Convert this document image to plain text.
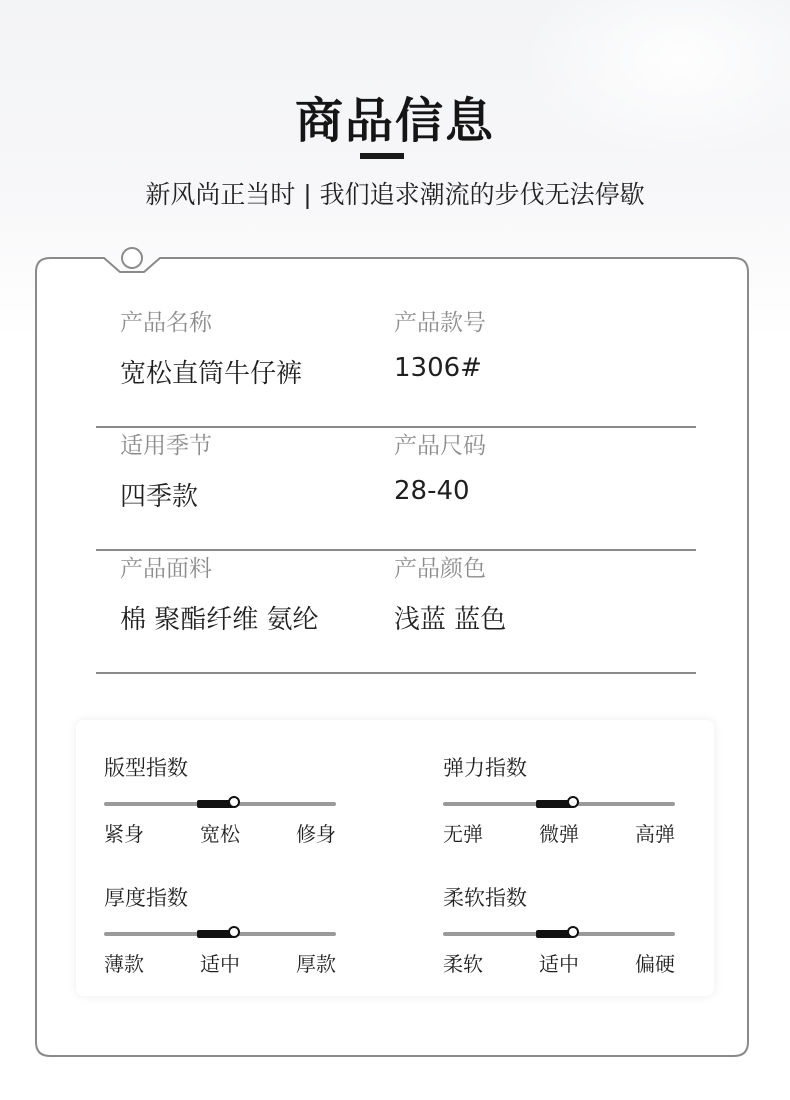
商品信息
新风尚正当时 | 我们追求潮流的步伐无法停歇
产品名称
宽松直筒牛仔裤
产品款号
1306#
适用季节
四季款
产品尺码
28-40
产品面料
棉 聚酯纤维 氨纶
产品颜色
浅蓝 蓝色
版型指数
紧身	宽松	修身
弹力指数
无弹	微弹	高弹
厚度指数
薄款	适中	厚款
柔软指数
柔软	适中	偏硬
